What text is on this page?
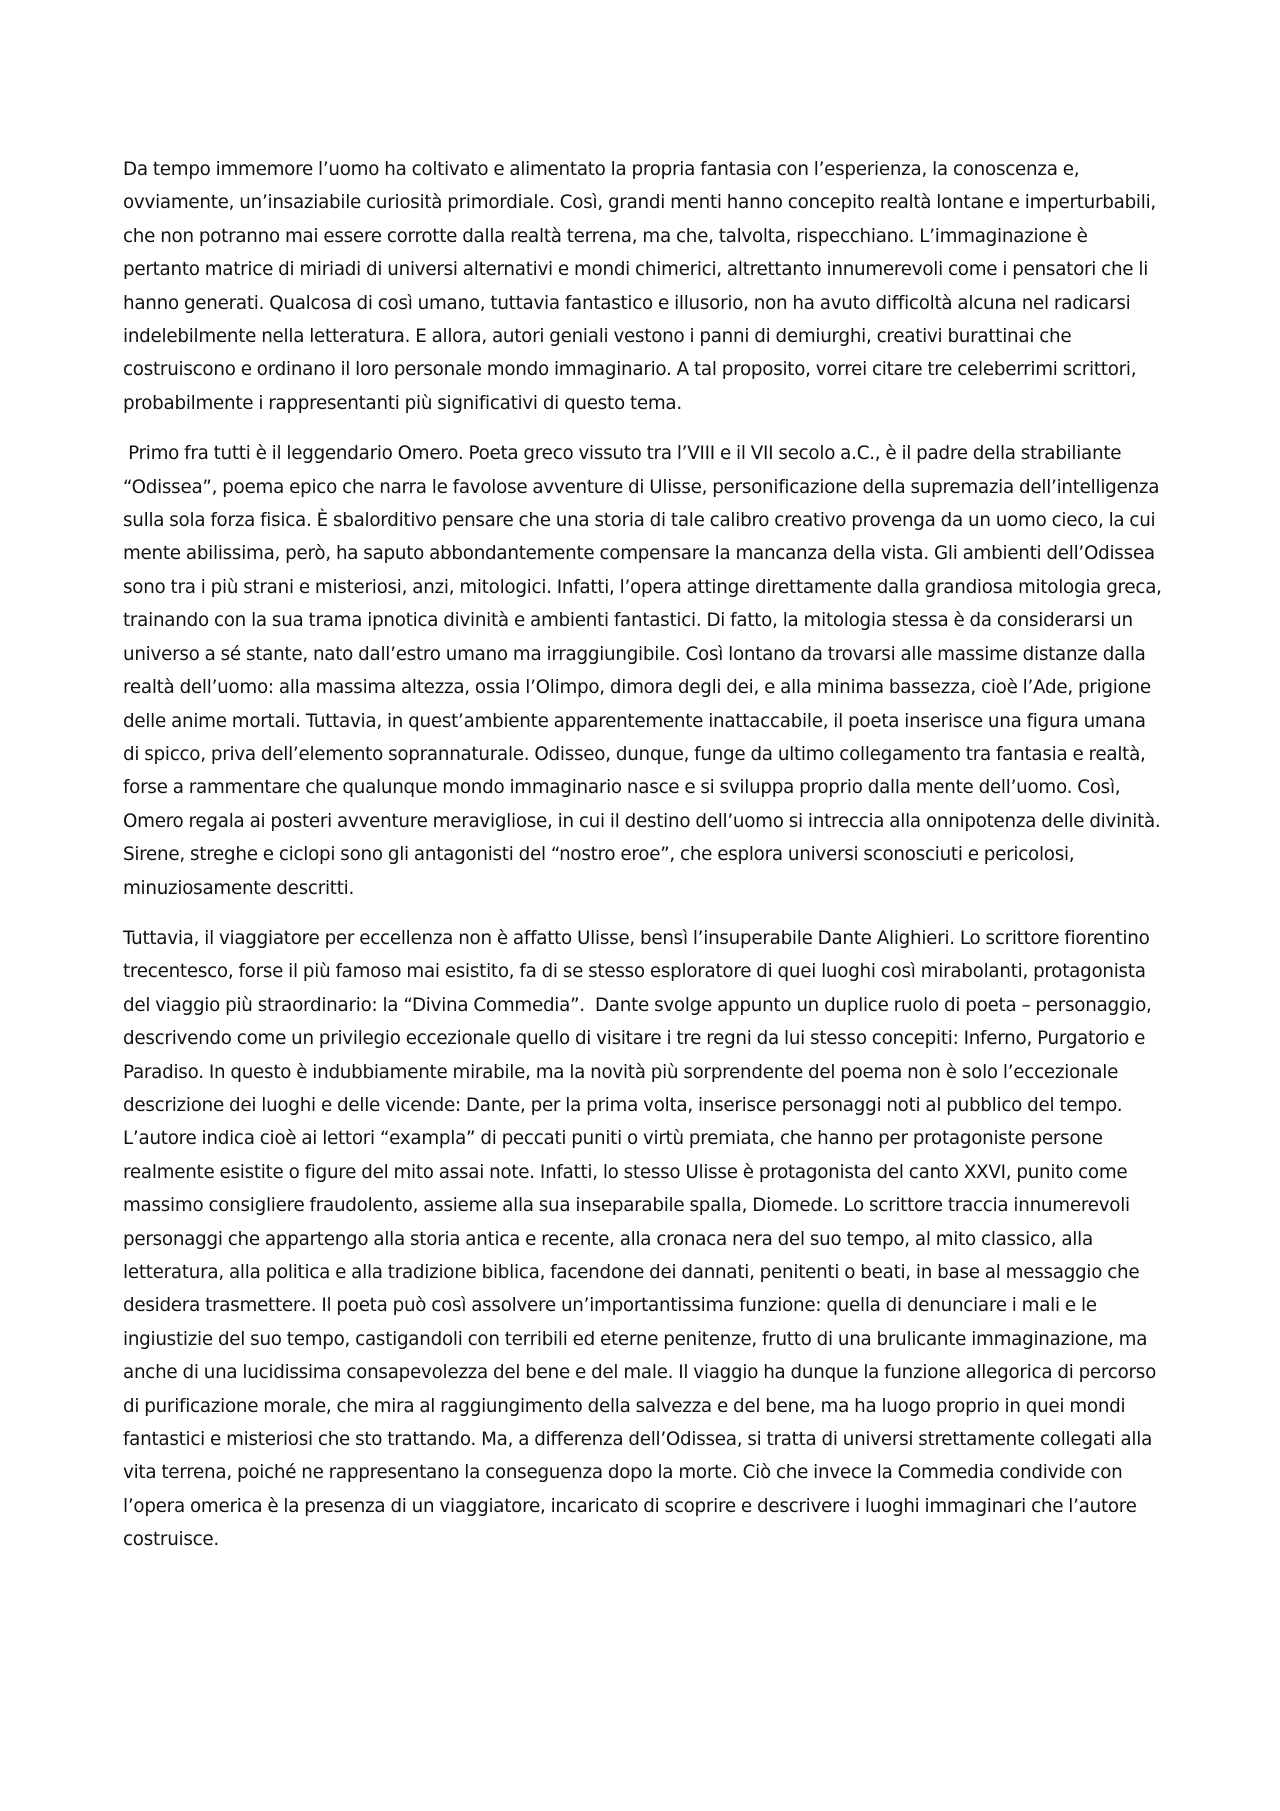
Da tempo immemore l’uomo ha coltivato e alimentato la propria fantasia con l’esperienza, la conoscenza e, ovviamente, un’insaziabile curiosità primordiale. Così, grandi menti hanno concepito realtà lontane e imperturbabili, che non potranno mai essere corrotte dalla realtà terrena, ma che, talvolta, rispecchiano. L’immaginazione è pertanto matrice di miriadi di universi alternativi e mondi chimerici, altrettanto innumerevoli come i pensatori che li hanno generati. Qualcosa di così umano, tuttavia fantastico e illusorio, non ha avuto difficoltà alcuna nel radicarsi indelebilmente nella letteratura. E allora, autori geniali vestono i panni di demiurghi, creativi burattinai che costruiscono e ordinano il loro personale mondo immaginario. A tal proposito, vorrei citare tre celeberrimi scrittori, probabilmente i rappresentanti più significativi di questo tema.

Primo fra tutti è il leggendario Omero. Poeta greco vissuto tra l’VIII e il VII secolo a.C., è il padre della strabiliante “Odissea”, poema epico che narra le favolose avventure di Ulisse, personificazione della supremazia dell’intelligenza sulla sola forza fisica. È sbalorditivo pensare che una storia di tale calibro creativo provenga da un uomo cieco, la cui mente abilissima, però, ha saputo abbondantemente compensare la mancanza della vista. Gli ambienti dell’Odissea sono tra i più strani e misteriosi, anzi, mitologici. Infatti, l’opera attinge direttamente dalla grandiosa mitologia greca, trainando con la sua trama ipnotica divinità e ambienti fantastici. Di fatto, la mitologia stessa è da considerarsi un universo a sé stante, nato dall’estro umano ma irraggiungibile. Così lontano da trovarsi alle massime distanze dalla realtà dell’uomo: alla massima altezza, ossia l’Olimpo, dimora degli dei, e alla minima bassezza, cioè l’Ade, prigione delle anime mortali. Tuttavia, in quest’ambiente apparentemente inattaccabile, il poeta inserisce una figura umana di spicco, priva dell’elemento soprannaturale. Odisseo, dunque, funge da ultimo collegamento tra fantasia e realtà, forse a rammentare che qualunque mondo immaginario nasce e si sviluppa proprio dalla mente dell’uomo. Così, Omero regala ai posteri avventure meravigliose, in cui il destino dell’uomo si intreccia alla onnipotenza delle divinità. Sirene, streghe e ciclopi sono gli antagonisti del “nostro eroe”, che esplora universi sconosciuti e pericolosi, minuziosamente descritti.

Tuttavia, il viaggiatore per eccellenza non è affatto Ulisse, bensì l’insuperabile Dante Alighieri. Lo scrittore fiorentino trecentesco, forse il più famoso mai esistito, fa di se stesso esploratore di quei luoghi così mirabolanti, protagonista del viaggio più straordinario: la “Divina Commedia”.  Dante svolge appunto un duplice ruolo di poeta – personaggio, descrivendo come un privilegio eccezionale quello di visitare i tre regni da lui stesso concepiti: Inferno, Purgatorio e Paradiso. In questo è indubbiamente mirabile, ma la novità più sorprendente del poema non è solo l’eccezionale descrizione dei luoghi e delle vicende: Dante, per la prima volta, inserisce personaggi noti al pubblico del tempo. L’autore indica cioè ai lettori “exampla” di peccati puniti o virtù premiata, che hanno per protagoniste persone realmente esistite o figure del mito assai note. Infatti, lo stesso Ulisse è protagonista del canto XXVI, punito come massimo consigliere fraudolento, assieme alla sua inseparabile spalla, Diomede. Lo scrittore traccia innumerevoli personaggi che appartengo alla storia antica e recente, alla cronaca nera del suo tempo, al mito classico, alla letteratura, alla politica e alla tradizione biblica, facendone dei dannati, penitenti o beati, in base al messaggio che desidera trasmettere. Il poeta può così assolvere un’importantissima funzione: quella di denunciare i mali e le ingiustizie del suo tempo, castigandoli con terribili ed eterne penitenze, frutto di una brulicante immaginazione, ma anche di una lucidissima consapevolezza del bene e del male. Il viaggio ha dunque la funzione allegorica di percorso di purificazione morale, che mira al raggiungimento della salvezza e del bene, ma ha luogo proprio in quei mondi fantastici e misteriosi che sto trattando. Ma, a differenza dell’Odissea, si tratta di universi strettamente collegati alla vita terrena, poiché ne rappresentano la conseguenza dopo la morte. Ciò che invece la Commedia condivide con l’opera omerica è la presenza di un viaggiatore, incaricato di scoprire e descrivere i luoghi immaginari che l’autore costruisce.
